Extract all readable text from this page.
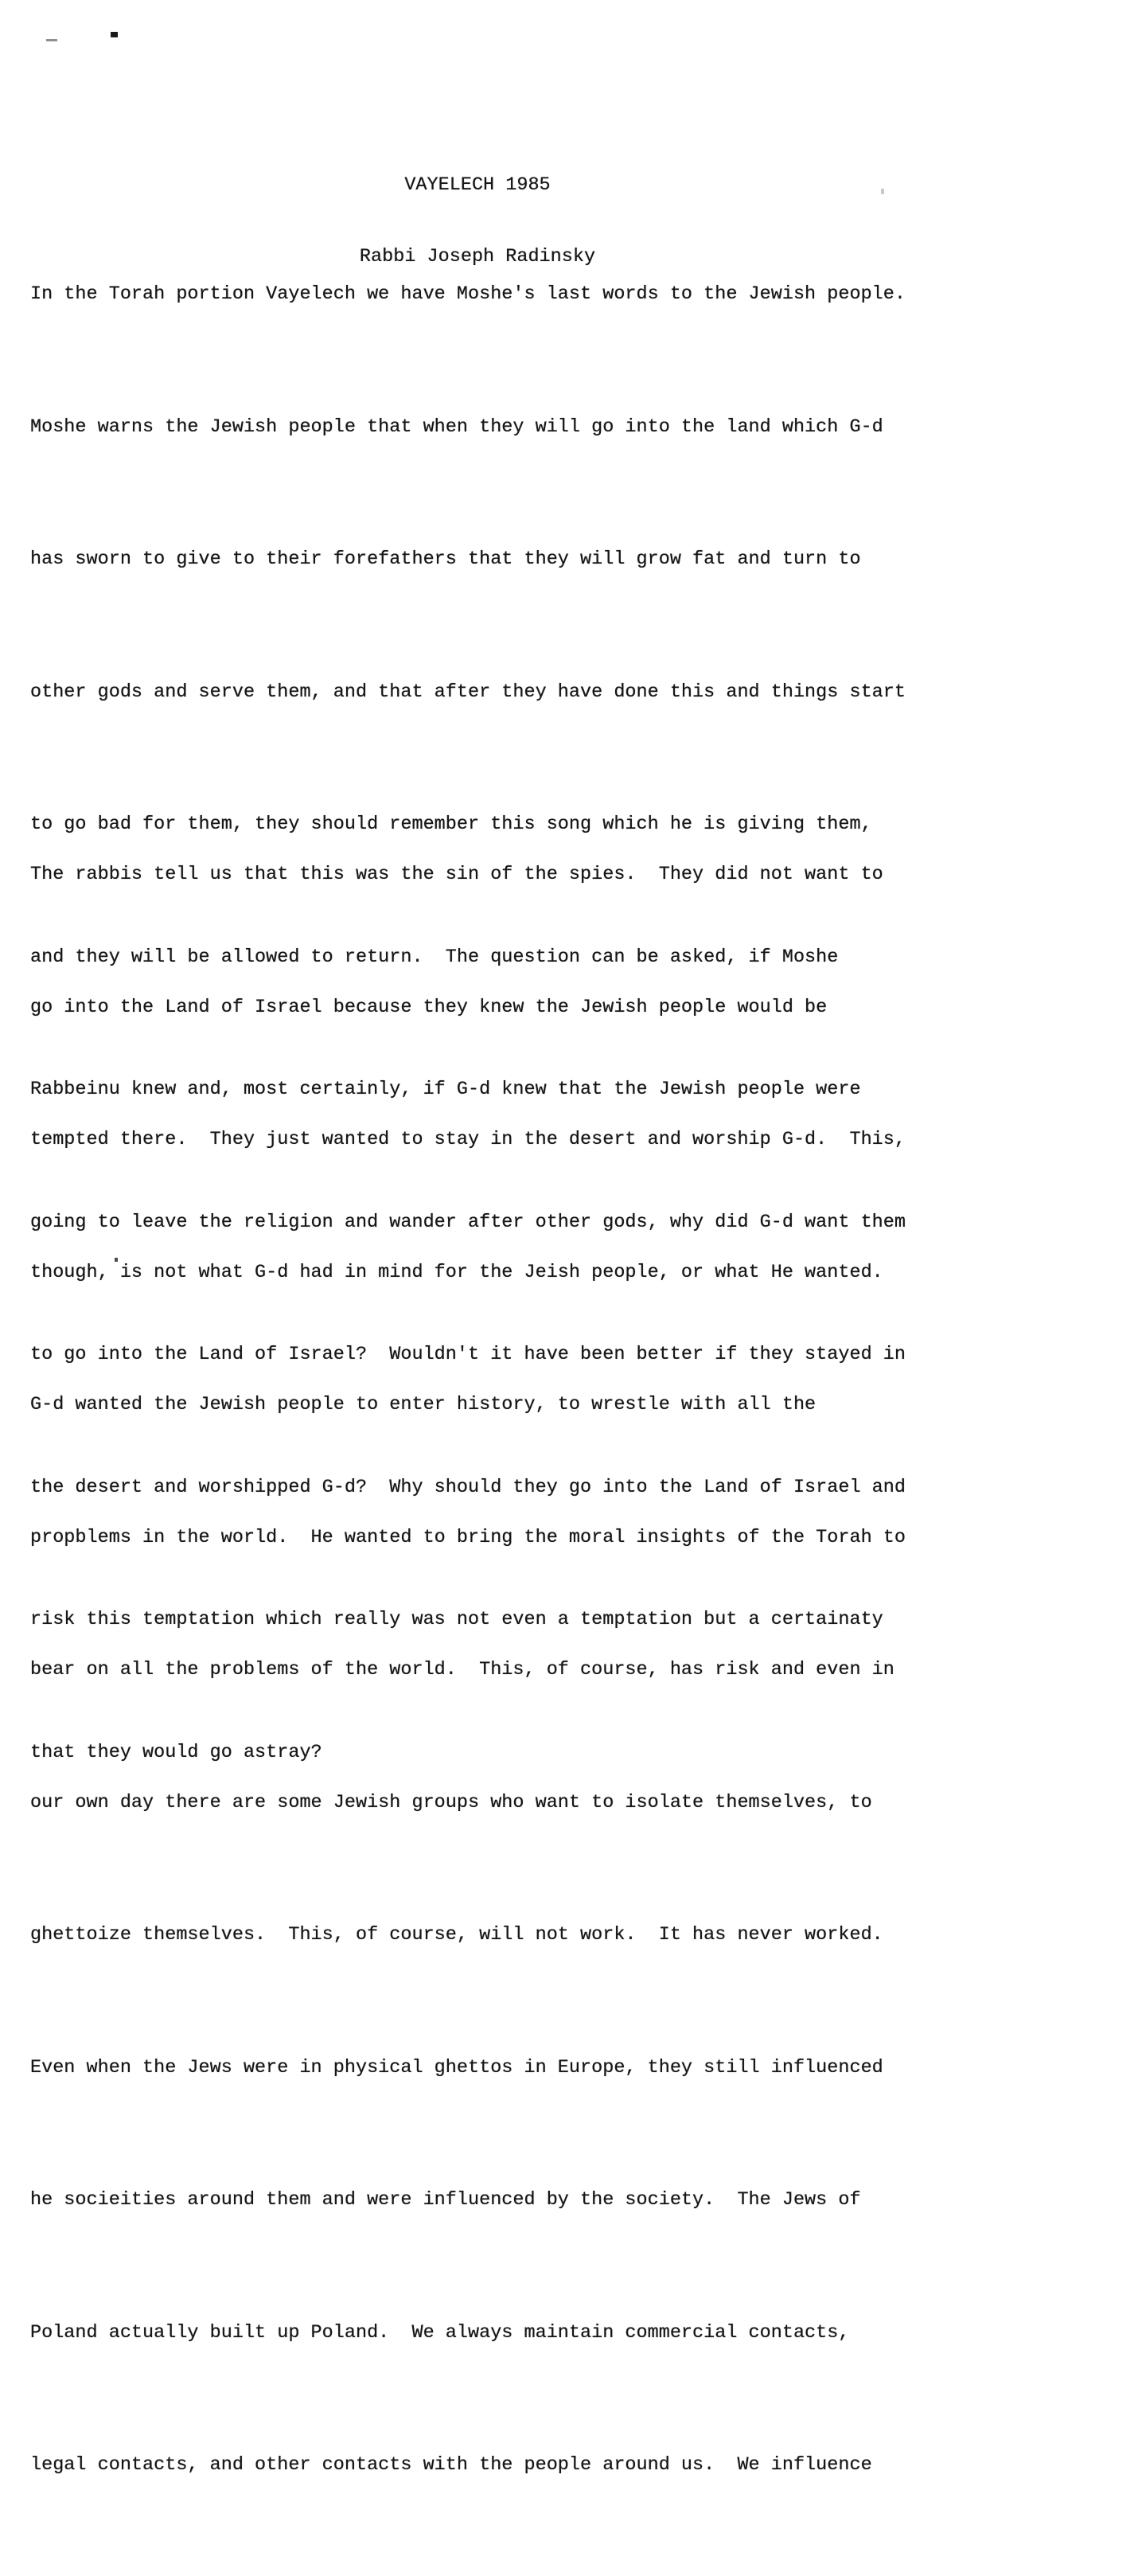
VAYELECH 1985

Rabbi Joseph Radinsky

In the Torah portion Vayelech we have Moshe's last words to the Jewish people.

Moshe warns the Jewish people that when they will go into the land which G-d

has sworn to give to their forefathers that they will grow fat and turn to

other gods and serve them, and that after they have done this and things start

to go bad for them, they should remember this song which he is giving them,

and they will be allowed to return.  The question can be asked, if Moshe

Rabbeinu knew and, most certainly, if G-d knew that the Jewish people were

going to leave the religion and wander after other gods, why did G-d want them

to go into the Land of Israel?  Wouldn't it have been better if they stayed in

the desert and worshipped G-d?  Why should they go into the Land of Israel and

risk this temptation which really was not even a temptation but a certainaty

that they would go astray?

The rabbis tell us that this was the sin of the spies.  They did not want to

go into the Land of Israel because they knew the Jewish people would be

tempted there.  They just wanted to stay in the desert and worship G-d.  This,

though, is not what G-d had in mind for the Jeish people, or what He wanted.

G-d wanted the Jewish people to enter history, to wrestle with all the

propblems in the world.  He wanted to bring the moral insights of the Torah to

bear on all the problems of the world.  This, of course, has risk and even in

our own day there are some Jewish groups who want to isolate themselves, to

ghettoize themselves.  This, of course, will not work.  It has never worked.

Even when the Jews were in physical ghettos in Europe, they still influenced

he socieities around them and were influenced by the society.  The Jews of

Poland actually built up Poland.  We always maintain commercial contacts,

legal contacts, and other contacts with the people around us.  We influence
